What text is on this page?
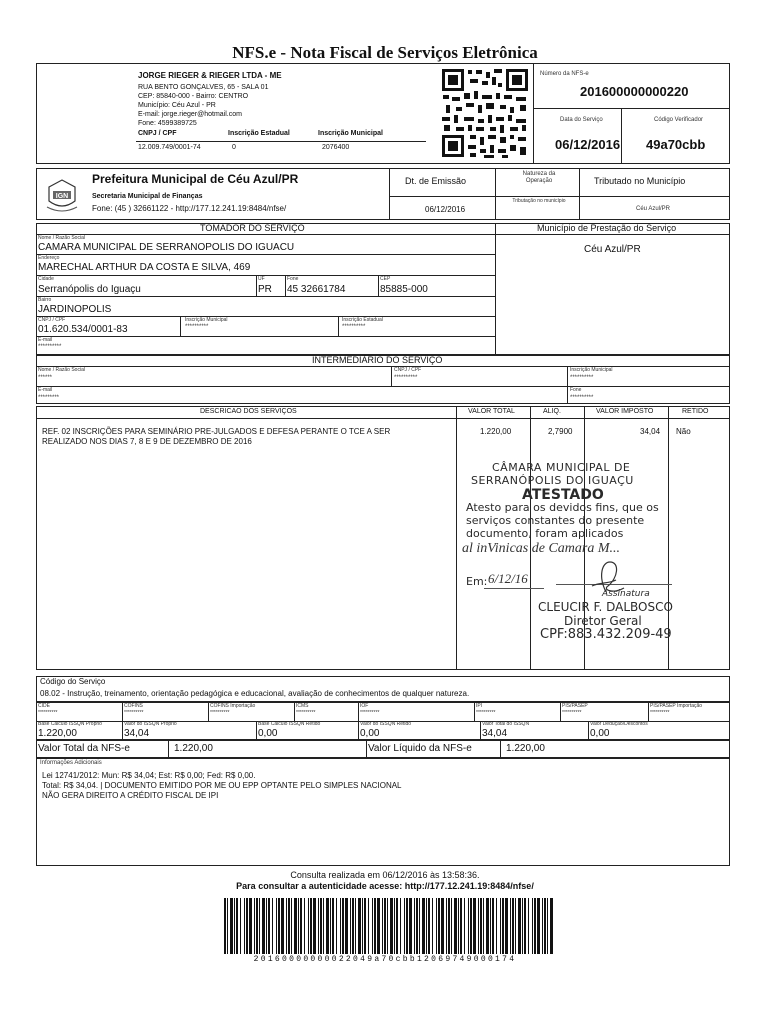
NFS.e - Nota Fiscal de Serviços Eletrônica
JORGE RIEGER & RIEGER LTDA - ME
RUA BENTO GONÇALVES, 65 - SALA 01
CEP: 85840-000 - Bairro: CENTRO
Município: Céu Azul - PR
E-mail: jorge.rieger@hotmail.com
Fone: 4599389725
CNPJ / CPF	Inscrição Estadual	Inscrição Municipal
12.009.749/0001-74	0	2076400
Número da NFS-e
201600000000220
Data do Serviço
06/12/2016
Código Verificador
49a70cbb
IGN
Prefeitura Municipal de Céu Azul/PR
Secretaria Municipal de Finanças
Fone: (45 ) 32661122 - http://177.12.241.19:8484/nfse/
Dt. de Emissão
06/12/2016
Natureza da Operação	Tributado no Município
Tributação no município
Céu Azul/PR
TOMADOR DO SERVIÇO	Município de Prestação do Serviço
Céu Azul/PR
Nome / Razão Social
CAMARA MUNICIPAL DE SERRANOPOLIS DO IGUACU
Endereço
MARECHAL ARTHUR DA COSTA E SILVA, 469
Cidade
Serranópolis do Iguaçu
UF
PR
Fone
45 32661784
CEP
85885-000
Bairro
JARDINOPOLIS
CNPJ / CPF
01.620.534/0001-83
Inscrição Municipal
**********
Inscrição Estadual
**********
E-mail
**********
INTERMEDIÁRIO DO SERVIÇO
Nome / Razão Social
******
CNPJ / CPF
**********
Inscrição Municipal
**********
E-mail
*********
Fone
**********
DESCRICAO DOS SERVIÇOS	VALOR TOTAL	ALIQ.	VALOR IMPOSTO	RETIDO
REF. 02 INSCRIÇÕES PARA SEMINÁRIO PRE-JULGADOS E DEFESA PERANTE O TCE A SER
REALIZADO NOS DIAS 7, 8 E 9 DE DEZEMBRO DE 2016
1.220,00	2,7900	34,04 Não
CÂMARA MUNICIPAL DE
SERRANÓPOLIS DO IGUAÇU
ATESTADO
Atesto para os devidos fins, que os
serviços constantes do presente
documento, foram aplicados
al inVinicas de Camara M...
Em: 6/12/16
Assinatura
CLEUCIR F. DALBOSCO
Diretor Geral
CPF:883.432.209-49
Código do Serviço
08.02 - Instrução, treinamento, orientação pedagógica e educacional, avaliação de conhecimentos de qualquer natureza.
CIDE
**********
COFINS
**********
COFINS Importação
**********
ICMS
**********
IOF
**********
IPI
**********
PIS/PASEP
**********
PIS/PASEP Importação
**********
Base Cálculo ISSQN Próprio
1.220,00
Valor do ISSQN Próprio
34,04
Base Cálculo ISSQN Retido
0,00
Valor do ISSQN Retido
0,00
Valor Total do ISSQN
34,04
Valor Dedução/Descontos
0,00
Valor Total da NFS-e	1.220,00	Valor Líquido da NFS-e	1.220,00
Informações Adicionais
Lei 12741/2012: Mun: R$ 34,04; Est: R$ 0,00; Fed: R$ 0,00.
Total: R$ 34,04. | DOCUMENTO EMITIDO POR ME OU EPP OPTANTE PELO SIMPLES NACIONAL
NÃO GERA DIREITO A CRÉDITO FISCAL DE IPI
Consulta realizada em 06/12/2016 às 13:58:36.
Para consultar a autenticidade acesse: http://177.12.241.19:8484/nfse/
20160000000022049a70cbb12069749000174
